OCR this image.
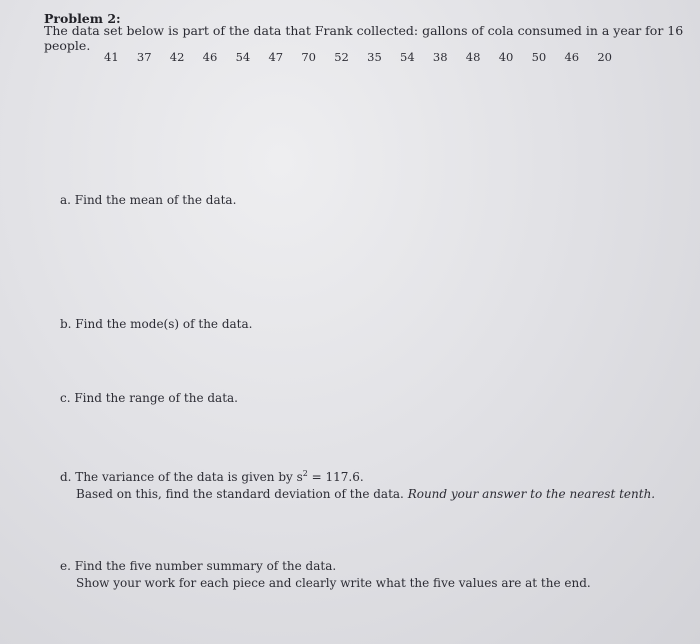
Problem 2:
The data set below is part of the data that Frank collected: gallons of cola consumed in a year for 16 people.
41 37 42 46 54 47 70 52 35 54 38 48 40 50 46 20
a. Find the mean of the data.
b. Find the mode(s) of the data.
c. Find the range of the data.
d. The variance of the data is given by $s^2 = 117.6$.
Based on this, find the standard deviation of the data. Round your answer to the nearest tenth.
e. Find the five number summary of the data.
Show your work for each piece and clearly write what the five values are at the end.
